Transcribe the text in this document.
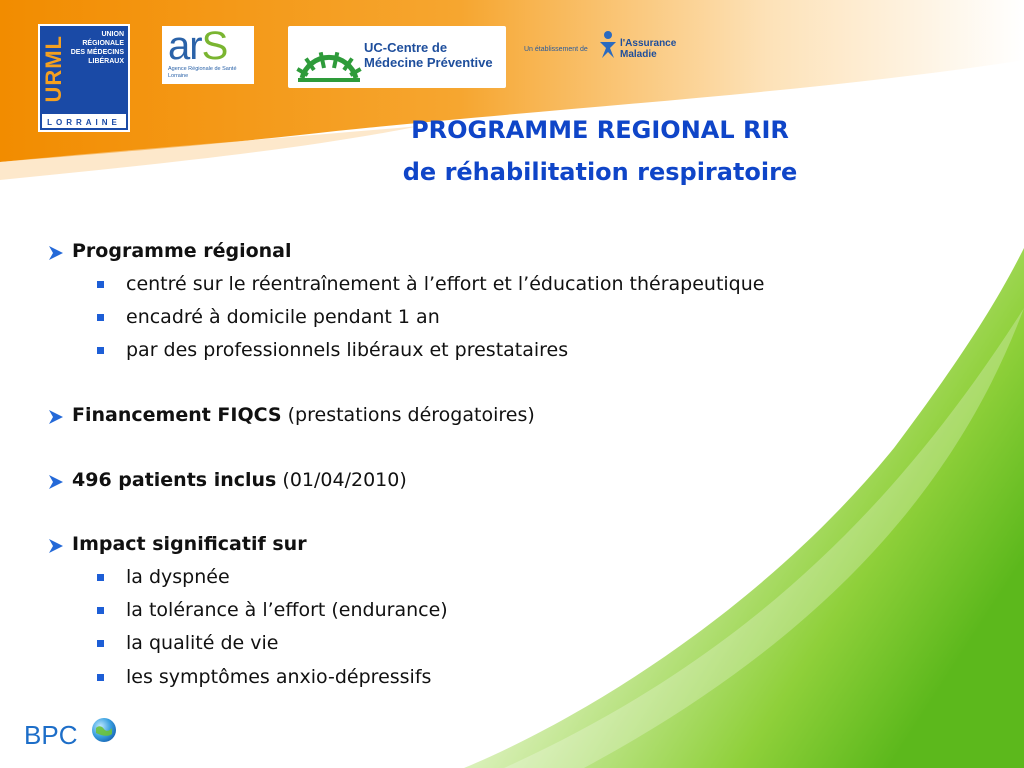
URML
UNION
RÉGIONALE
DES MÉDECINS
LIBÉRAUX
LORRAINE
arS
Agence Régionale de Santé Lorraine
UC-Centre de
Médecine Préventive
Un établissement de
l'Assurance
Maladie
PROGRAMME REGIONAL RIR
de réhabilitation respiratoire
Programme régional
centré sur le réentraînement à l’effort et l’éducation thérapeutique
encadré à domicile pendant 1 an
par des professionnels libéraux et prestataires
Financement FIQCS (prestations dérogatoires)
496 patients inclus (01/04/2010)
Impact significatif sur
la dyspnée
la tolérance à l’effort (endurance)
la qualité de vie
les symptômes anxio-dépressifs
BPC
